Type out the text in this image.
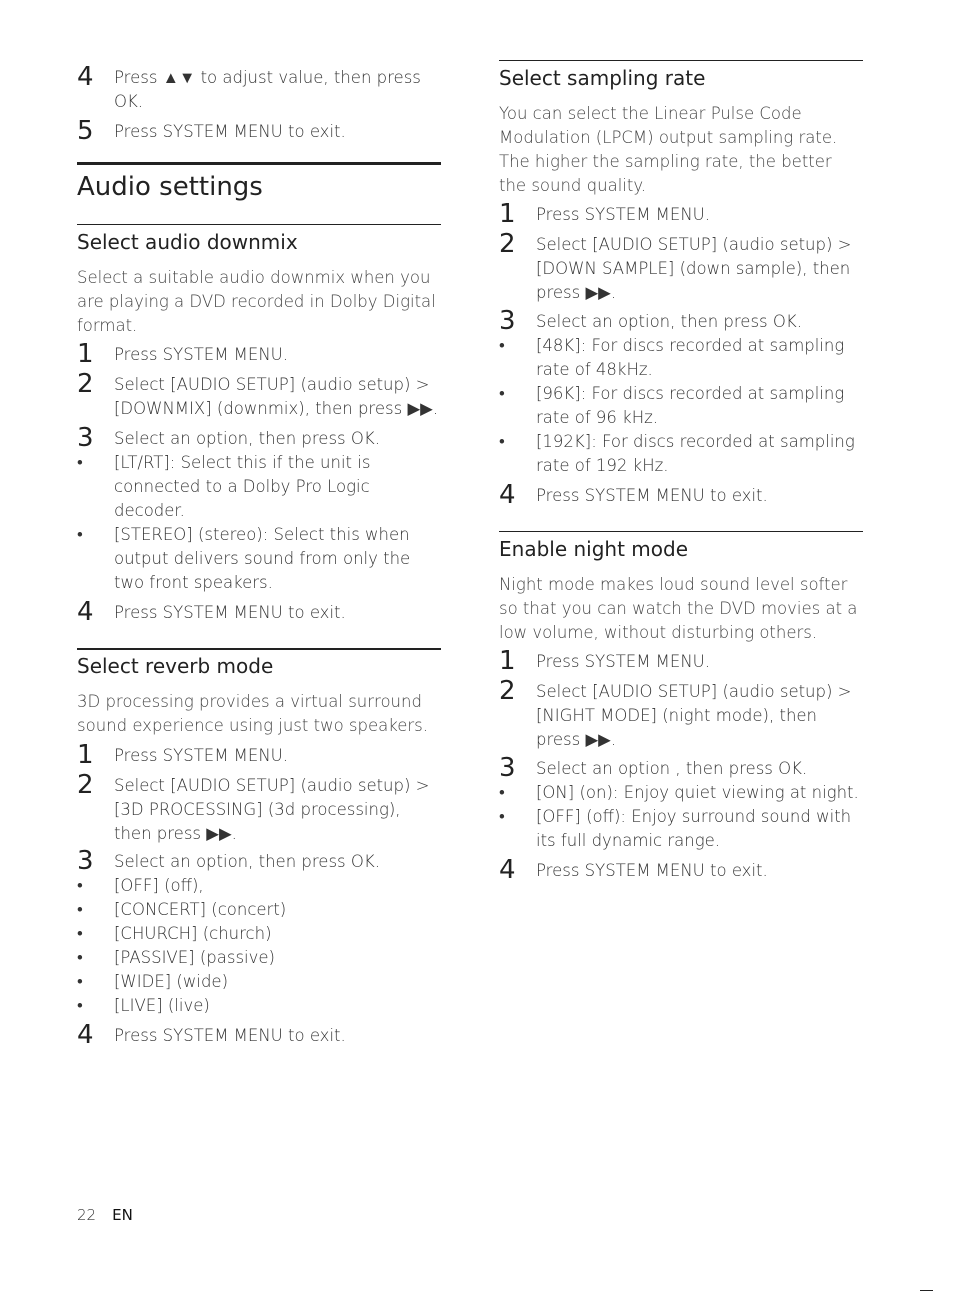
4 Press ▲▼ to adjust value, then press OK.
5 Press SYSTEM MENU to exit.
Audio settings
Select audio downmix
Select a suitable audio downmix when you are playing a DVD recorded in Dolby Digital format.
1 Press SYSTEM MENU.
2 Select [AUDIO SETUP] (audio setup) > [DOWNMIX] (downmix), then press ▶▶.
3 Select an option, then press OK.
• [LT/RT]: Select this if the unit is connected to a Dolby Pro Logic decoder.
• [STEREO] (stereo): Select this when output delivers sound from only the two front speakers.
4 Press SYSTEM MENU to exit.
Select reverb mode
3D processing provides a virtual surround sound experience using just two speakers.
1 Press SYSTEM MENU.
2 Select [AUDIO SETUP] (audio setup) > [3D PROCESSING] (3d processing), then press ▶▶.
3 Select an option, then press OK.
• [OFF] (off),
• [CONCERT] (concert)
• [CHURCH] (church)
• [PASSIVE] (passive)
• [WIDE] (wide)
• [LIVE] (live)
4 Press SYSTEM MENU to exit.
Select sampling rate
You can select the Linear Pulse Code Modulation (LPCM) output sampling rate. The higher the sampling rate, the better the sound quality.
1 Press SYSTEM MENU.
2 Select [AUDIO SETUP] (audio setup) > [DOWN SAMPLE] (down sample), then press ▶▶.
3 Select an option, then press OK.
• [48K]: For discs recorded at sampling rate of 48kHz.
• [96K]: For discs recorded at sampling rate of 96 kHz.
• [192K]: For discs recorded at sampling rate of 192 kHz.
4 Press SYSTEM MENU to exit.
Enable night mode
Night mode makes loud sound level softer so that you can watch the DVD movies at a low volume, without disturbing others.
1 Press SYSTEM MENU.
2 Select [AUDIO SETUP] (audio setup) > [NIGHT MODE] (night mode), then press ▶▶.
3 Select an option , then press OK.
• [ON] (on): Enjoy quiet viewing at night.
• [OFF] (off): Enjoy surround sound with its full dynamic range.
4 Press SYSTEM MENU to exit.
22 EN
